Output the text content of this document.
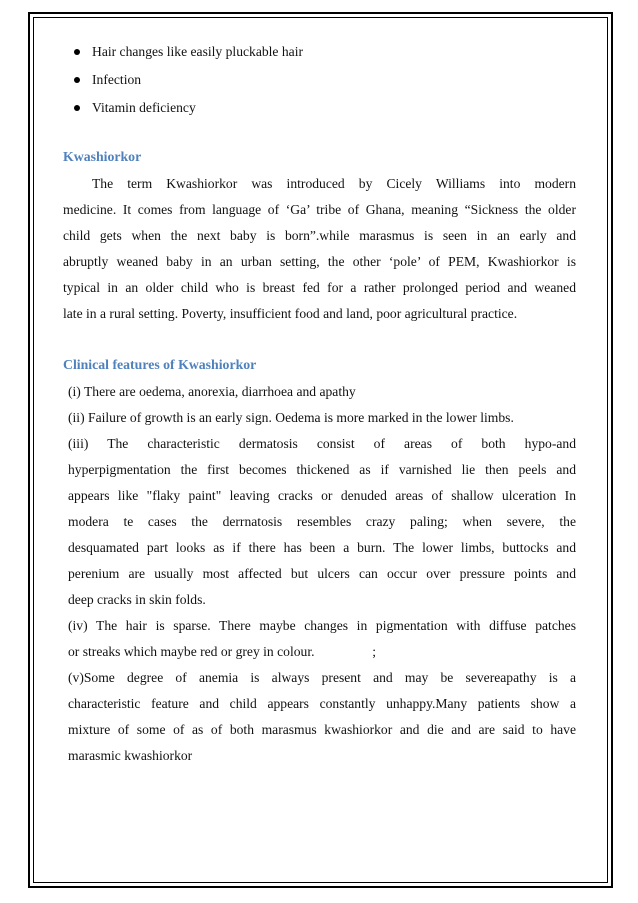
Hair changes like easily pluckable hair
Infection
Vitamin deficiency
Kwashiorkor
The term Kwashiorkor was introduced by Cicely Williams into modern
medicine. It comes from language of ‘Ga’ tribe of Ghana, meaning “Sickness the older
child gets when the next baby is born”.while marasmus is seen in an early and
abruptly weaned baby in an urban setting, the other ‘pole’ of PEM, Kwashiorkor is
typical in an older child who is breast fed for a rather prolonged period and weaned
late in a rural setting. Poverty, insufficient food and land, poor agricultural practice.
Clinical features of Kwashiorkor
(i) There are oedema, anorexia, diarrhoea and apathy
(ii) Failure of growth is an early sign. Oedema is more marked in the lower limbs.
(iii) The characteristic dermatosis consist of areas of both hypo-and
hyperpigmentation the first becomes thickened as if varnished lie then peels and
appears like "flaky paint" leaving cracks or denuded areas of shallow ulceration In
modera te cases the derrnatosis resembles crazy paling; when severe, the
desquamated part looks as if there has been a burn. The lower limbs, buttocks and
perenium are usually most affected but ulcers can occur over pressure points and
deep cracks in skin folds.
(iv) The hair is sparse. There maybe changes in pigmentation with diffuse patches
or streaks which maybe red or grey in colour.                 ;
(v)Some degree of anemia is always present and may be severeapathy is a
characteristic feature and child appears constantly unhappy.Many patients show a
mixture of some of as of both marasmus kwashiorkor and die and are said to have
marasmic kwashiorkor
